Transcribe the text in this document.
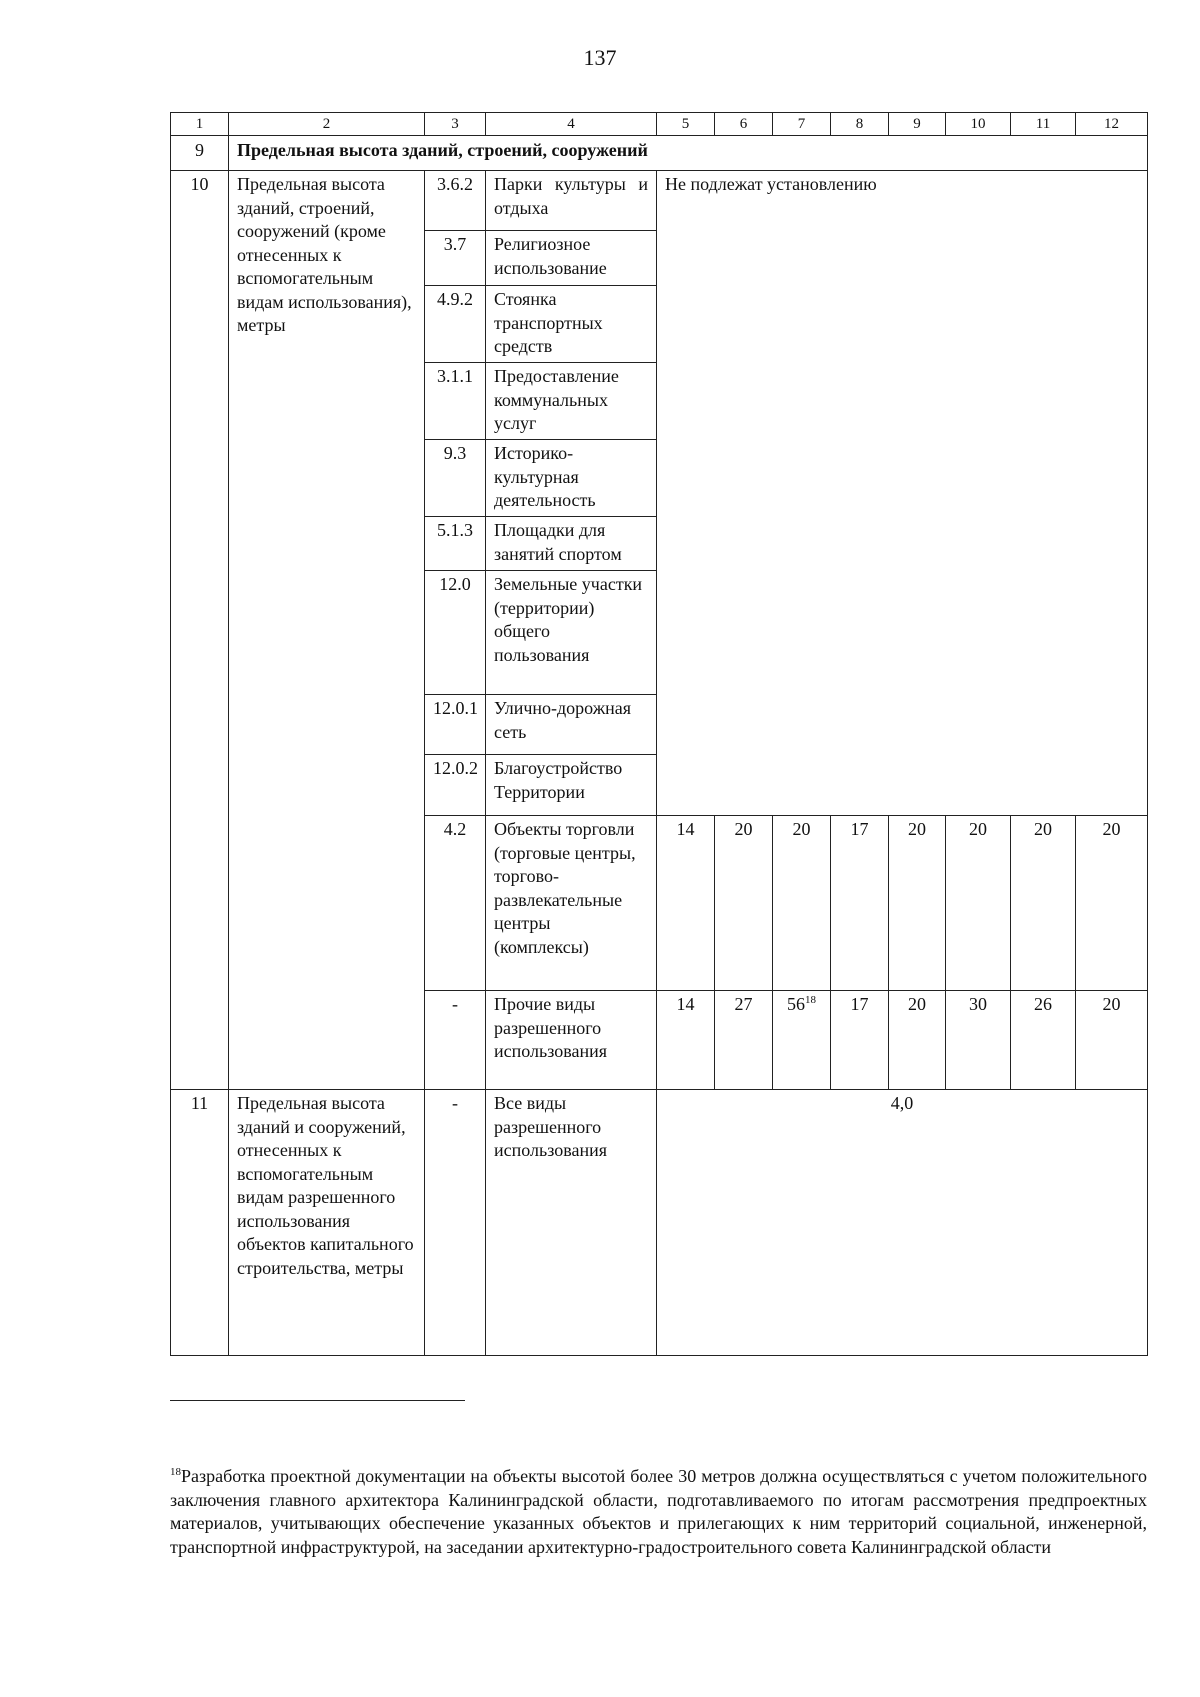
137
1	2	3	4	5	6	7	8	9	10	11	12
9	Предельная высота зданий, строений, сооружений										
10	Предельная высота зданий, строений, сооружений (кроме отнесенных к вспомогательным видам использования), метры	3.6.2	Парки культуры и отдыха	Не подлежат установлению							
		3.7	Религиозное использование								
		4.9.2	Стоянка транспортных средств								
		3.1.1	Предоставление коммунальных услуг								
		9.3	Историко-культурная деятельность								
		5.1.3	Площадки для занятий спортом								
		12.0	Земельные участки (территории) общего пользования								
		12.0.1	Улично-дорожная сеть								
		12.0.2	Благоустройство Территории								
		4.2	Объекты торговли (торговые центры, торгово-развлекательные центры (комплексы)	14	20	20	17	20	20	20	20
		-	Прочие виды разрешенного использования	14	27	$56^{18}$	17	20	30	26	20
11	Предельная высота зданий и сооружений, отнесенных к вспомогательным видам разрешенного использования объектов капитального строительства, метры	-	Все виды разрешенного использования	4,0							

$^{18}$Разработка проектной документации на объекты высотой более 30 метров должна осуществляться с учетом положительного заключения главного архитектора Калининградской области, подготавливаемого по итогам рассмотрения предпроектных материалов, учитывающих обеспечение указанных объектов и прилегающих к ним территорий социальной, инженерной, транспортной инфраструктурой, на заседании архитектурно-градостроительного совета Калининградской области
